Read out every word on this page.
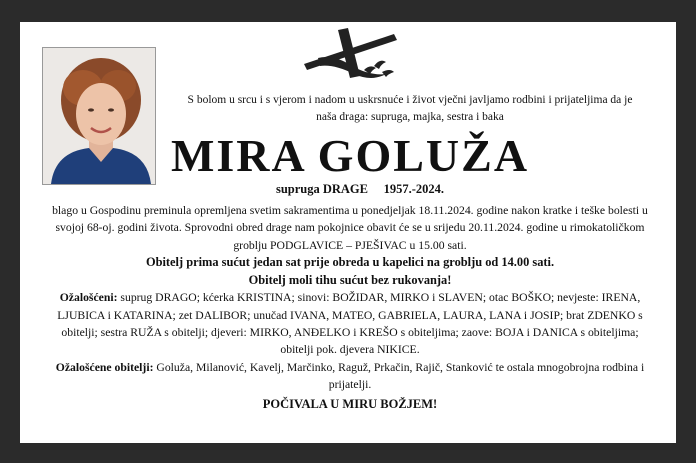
S bolom u srcu i s vjerom i nadom u uskrsnuće i život vječni javljamo rodbini i prijateljima da je naša draga: supruga, majka, sestra i baka
MIRA GOLUŽA
supruga DRAGE     1957.-2024.

blago u Gospodinu preminula opremljena svetim sakramentima u ponedjeljak 18.11.2024. godine nakon kratke i teške bolesti u svojoj 68-oj. godini života. Sprovodni obred drage nam pokojnice obavit će se u srijedu 20.11.2024. godine u rimokatoličkom groblju PODGLAVICE – PJEŠIVAC u 15.00 sati.

Obitelj prima sućut jedan sat prije obreda u kapelici na groblju od 14.00 sati.

Obitelj moli tihu sućut bez rukovanja!

Ožalošćeni: suprug DRAGO; kćerka KRISTINA; sinovi: BOŽIDAR, MIRKO i SLAVEN; otac BOŠKO; nevjeste: IRENA, LJUBICA i KATARINA; zet DALIBOR; unučad IVANA, MATEO, GABRIELA, LAURA, LANA i JOSIP; brat ZDENKO s obitelji; sestra RUŽA s obitelji; djeveri: MIRKO, ANĐELKO i KREŠO s obiteljima; zaove: BOJA i DANICA s obiteljima; obitelji pok. djevera NIKICE.

Ožalošćene obitelji: Goluža, Milanović, Kavelj, Marčinko, Raguž, Prkačin, Rajič, Stanković te ostala mnogobrojna rodbina i prijatelji.

POČIVALA U MIRU BOŽJEM!
